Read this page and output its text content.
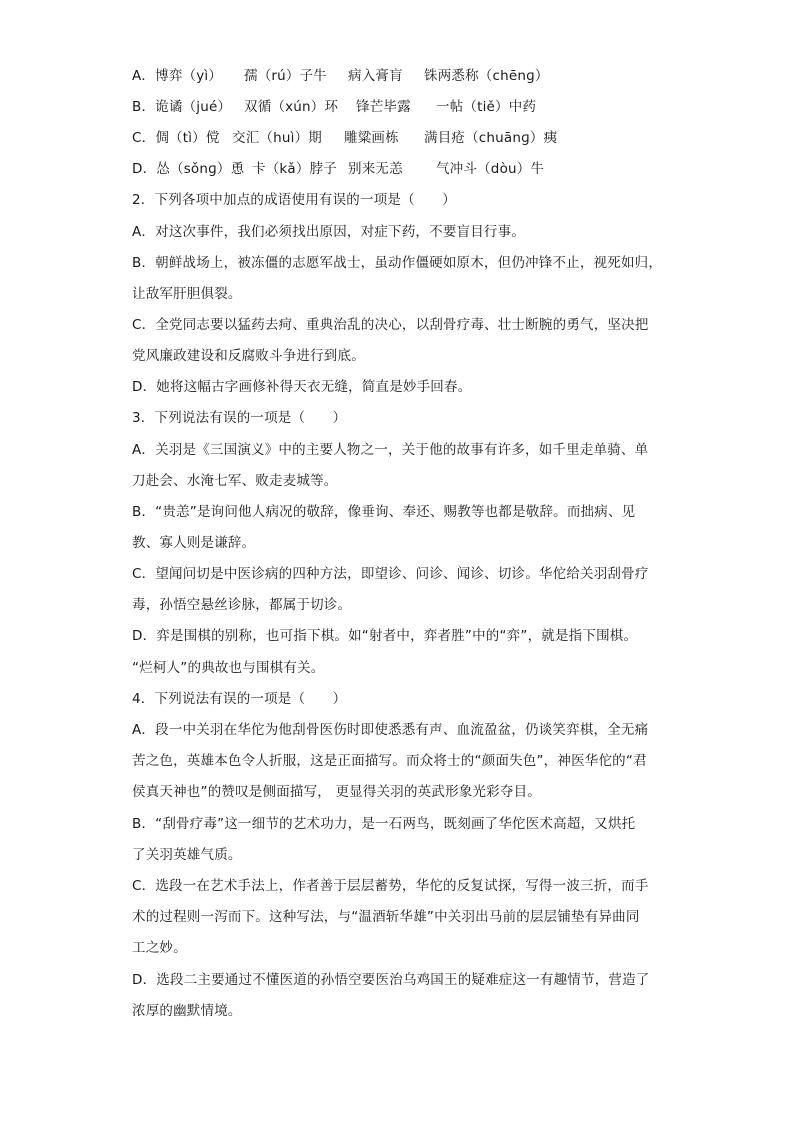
A．博弈（yì） 孺（rú）子牛 病入膏肓 铢两悉称（chēnɡ）
B．诡谲（jué） 双循（xún）环 锋芒毕露 一帖（tiě）中药
C．倜（tì）傥 交汇（huì）期 雕粱画栋 满目疮（chuānɡ）痍
D．怂（sǒnɡ）恿 卡（kǎ）脖子 别来无恙 气冲斗（dòu）牛
2．下列各项中加点的成语使用有误的一项是（　　）
A．对这次事件，我们必须找出原因，对症下药，不要盲目行事。
B．朝鲜战场上，被冻僵的志愿军战士，虽动作僵硬如原木，但仍冲锋不止，视死如归，
让敌军肝胆俱裂。
C．全党同志要以猛药去疴、重典治乱的决心，以刮骨疗毒、壮士断腕的勇气，坚决把
党风廉政建设和反腐败斗争进行到底。
D．她将这幅古字画修补得天衣无缝，简直是妙手回春。
3．下列说法有误的一项是（　　）
A．关羽是《三国演义》中的主要人物之一，关于他的故事有许多，如千里走单骑、单
刀赴会、水淹七军、败走麦城等。
B．“贵恙”是询问他人病况的敬辞，像垂询、奉还、赐教等也都是敬辞。而拙病、见
教、寡人则是谦辞。
C．望闻问切是中医诊病的四种方法，即望诊、问诊、闻诊、切诊。华佗给关羽刮骨疗
毒，孙悟空悬丝诊脉，都属于切诊。
D．弈是围棋的别称，也可指下棋。如“射者中，弈者胜”中的“弈”，就是指下围棋。
“烂柯人”的典故也与围棋有关。
4．下列说法有误的一项是（　　）
A．段一中关羽在华佗为他刮骨医伤时即使悉悉有声、血流盈盆，仍谈笑弈棋，全无痛
苦之色，英雄本色令人折服，这是正面描写。而众将士的“颜面失色”，神医华佗的“君
侯真天神也”的赞叹是侧面描写， 更显得关羽的英武形象光彩夺目。
B．“刮骨疗毒”这一细节的艺术功力，是一石两鸟，既刻画了华佗医术高超，又烘托
了关羽英雄气质。
C．选段一在艺术手法上，作者善于层层蓄势，华佗的反复试探，写得一波三折，而手
术的过程则一泻而下。这种写法，与“温酒斩华雄”中关羽出马前的层层铺垫有异曲同
工之妙。
D．选段二主要通过不懂医道的孙悟空要医治乌鸡国王的疑难症这一有趣情节，营造了
浓厚的幽默情境。
